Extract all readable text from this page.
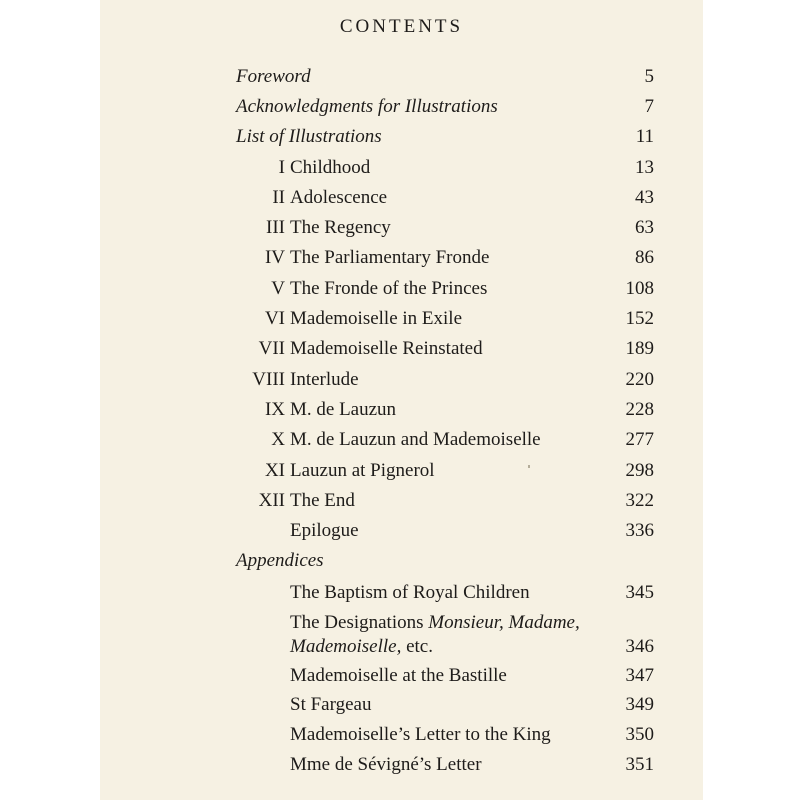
CONTENTS
Foreword	5
Acknowledgments for Illustrations	7
List of Illustrations	11
I Childhood	13
II Adolescence	43
III The Regency	63
IV The Parliamentary Fronde	86
V The Fronde of the Princes	108
VI Mademoiselle in Exile	152
VII Mademoiselle Reinstated	189
VIII Interlude	220
IX M. de Lauzun	228
X M. de Lauzun and Mademoiselle	277
XI Lauzun at Pignerol	298
XII The End	322
Epilogue	336
Appendices
The Baptism of Royal Children	345
The Designations Monsieur, Madame,
Mademoiselle, etc.	346
Mademoiselle at the Bastille	347
St Fargeau	349
Mademoiselle’s Letter to the King	350
Mme de Sévigné’s Letter	351
